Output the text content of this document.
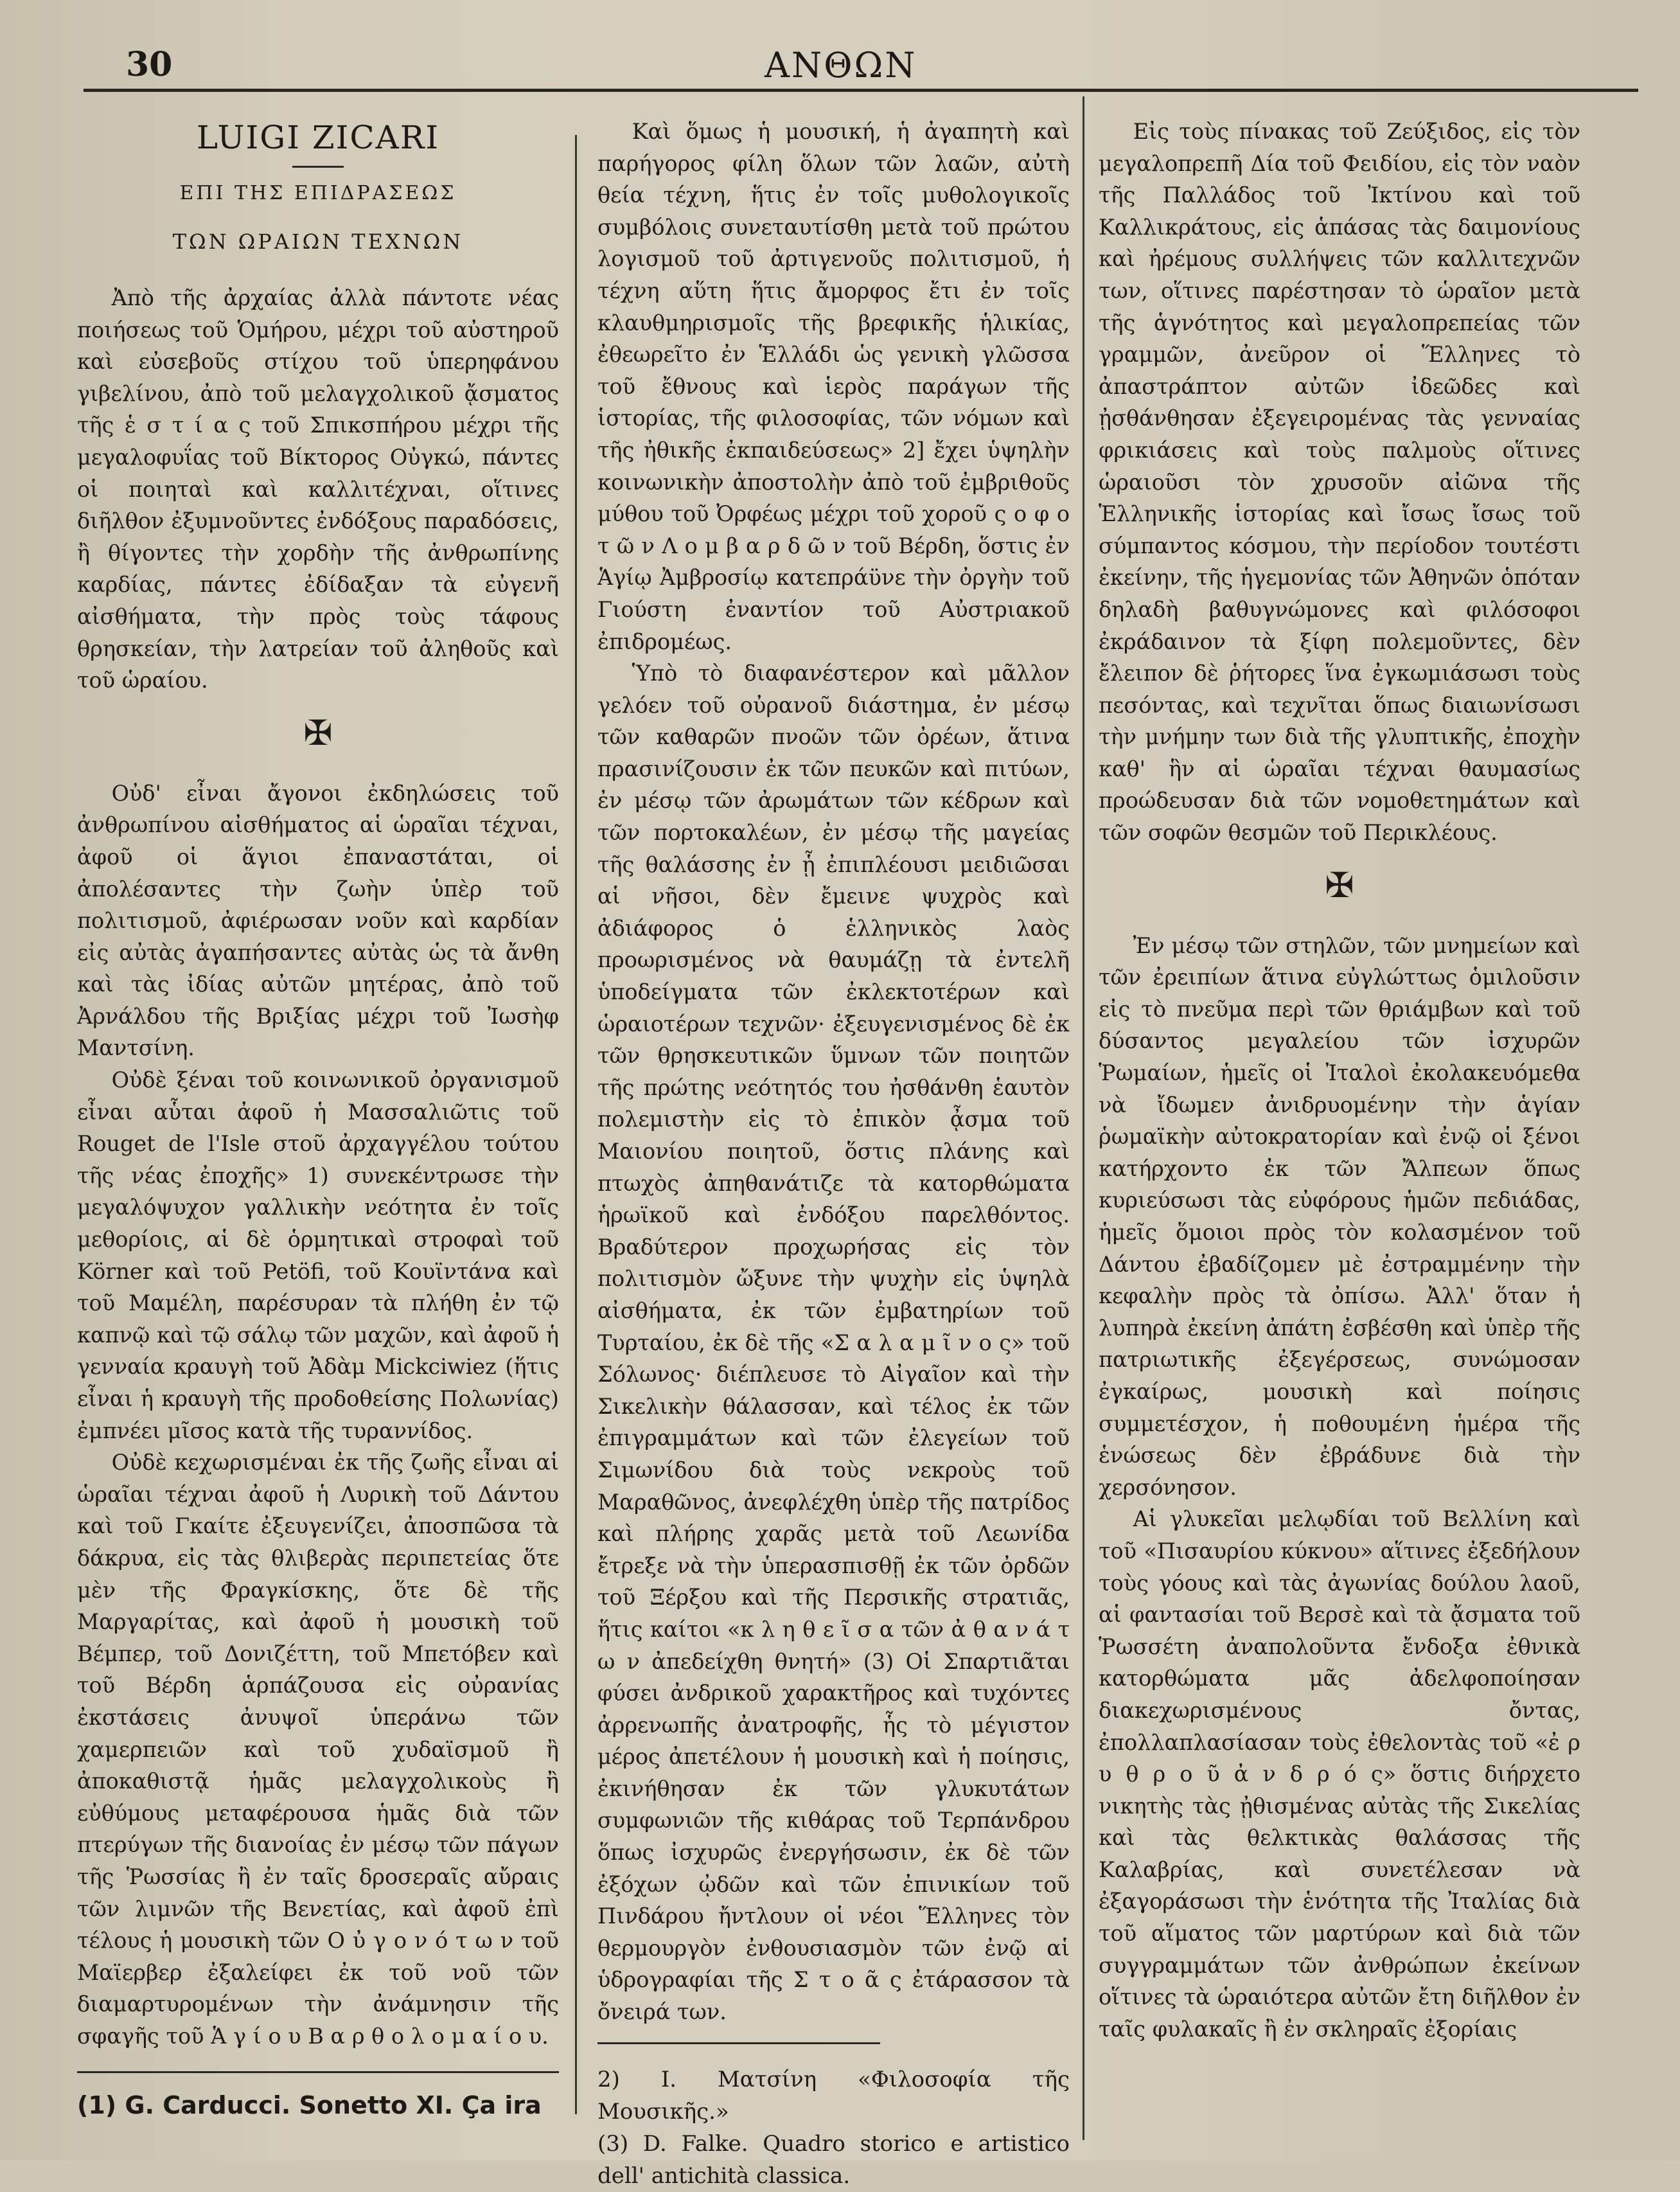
30	ΑΝΘΩΝ
LUIGI ZICARI
ΕΠΙ ΤΗΣ ΕΠΙΔΡΑΣΕΩΣ
ΤΩΝ ΩΡΑΙΩΝ ΤΕΧΝΩΝ

Ἀπὸ τῆς ἀρχαίας ἀλλὰ πάντοτε νέας ποιήσεως τοῦ Ὁμήρου, μέχρι τοῦ αὐστηροῦ καὶ εὐσεβοῦς στίχου τοῦ ὑπερηφάνου γιβελίνου, ἀπὸ τοῦ μελαγχολικοῦ ᾄσματος τῆς ἑ σ τ ί α ς τοῦ Σπικσπήρου μέχρι τῆς μεγαλοφυΐας τοῦ Βίκτορος Οὐγκώ, πάντες οἱ ποιηταὶ καὶ καλλιτέχναι, οἵτινες διῆλθον ἐξυμνοῦντες ἐνδόξους παραδόσεις, ἢ θίγοντες τὴν χορδὴν τῆς ἀνθρωπίνης καρδίας, πάντες ἐδίδαξαν τὰ εὐγενῆ αἰσθήματα, τὴν πρὸς τοὺς τάφους θρησκείαν, τὴν λατρείαν τοῦ ἀληθοῦς καὶ τοῦ ὡραίου.

✠

Οὐδ' εἶναι ἄγονοι ἐκδηλώσεις τοῦ ἀνθρωπίνου αἰσθήματος αἱ ὡραῖαι τέχναι, ἀφοῦ οἱ ἅγιοι ἐπαναστάται, οἱ ἀπολέσαντες τὴν ζωὴν ὑπὲρ τοῦ πολιτισμοῦ, ἀφιέρωσαν νοῦν καὶ καρδίαν εἰς αὐτὰς ἀγαπήσαντες αὐτὰς ὡς τὰ ἄνθη καὶ τὰς ἰδίας αὐτῶν μητέρας, ἀπὸ τοῦ Ἀρνάλδου τῆς Βριξίας μέχρι τοῦ Ἰωσὴφ Μαντσίνη.

Οὐδὲ ξέναι τοῦ κοινωνικοῦ ὀργανισμοῦ εἶναι αὗται ἀφοῦ ἡ Μασσαλιῶτις τοῦ Rouget de l'Isle στοῦ ἀρχαγγέλου τούτου τῆς νέας ἐποχῆς» 1) συνεκέντρωσε τὴν μεγαλόψυχον γαλλικὴν νεότητα ἐν τοῖς μεθορίοις, αἱ δὲ ὁρμητικαὶ στροφαὶ τοῦ Körner καὶ τοῦ Petöfi, τοῦ Κουϊντάνα καὶ τοῦ Μαμέλη, παρέσυραν τὰ πλήθη ἐν τῷ καπνῷ καὶ τῷ σάλῳ τῶν μαχῶν, καὶ ἀφοῦ ἡ γενναία κραυγὴ τοῦ Ἀδὰμ Mickciwiez (ἥτις εἶναι ἡ κραυγὴ τῆς προδοθείσης Πολωνίας) ἐμπνέει μῖσος κατὰ τῆς τυραννίδος.

Οὐδὲ κεχωρισμέναι ἐκ τῆς ζωῆς εἶναι αἱ ὡραῖαι τέχναι ἀφοῦ ἡ Λυρικὴ τοῦ Δάντου καὶ τοῦ Γκαίτε ἐξευγενίζει, ἀποσπῶσα τὰ δάκρυα, εἰς τὰς θλιβερὰς περιπετείας ὅτε μὲν τῆς Φραγκίσκης, ὅτε δὲ τῆς Μαργαρίτας, καὶ ἀφοῦ ἡ μουσικὴ τοῦ Βέμπερ, τοῦ Δονιζέττη, τοῦ Μπετόβεν καὶ τοῦ Βέρδη ἁρπάζουσα εἰς οὐρανίας ἐκστάσεις ἀνυψοῖ ὑπεράνω τῶν χαμερπειῶν καὶ τοῦ χυδαϊσμοῦ ἢ ἀποκαθιστᾷ ἡμᾶς μελαγχολικοὺς ἢ εὐθύμους μεταφέρουσα ἡμᾶς διὰ τῶν πτερύγων τῆς διανοίας ἐν μέσῳ τῶν πάγων τῆς Ῥωσσίας ἢ ἐν ταῖς δροσεραῖς αὔραις τῶν λιμνῶν τῆς Βενετίας, καὶ ἀφοῦ ἐπὶ τέλους ἡ μουσικὴ τῶν Ο ὐ γ ο ν ό τ ω ν τοῦ Μαϊερβερ ἐξαλείφει ἐκ τοῦ νοῦ τῶν διαμαρτυρομένων τὴν ἀνάμνησιν τῆς σφαγῆς τοῦ Ἁ γ ί ο υ Β α ρ θ ο λ ο μ α ί ο υ.

(1) G. Carducci. Sonetto XI. Ça ira

Καὶ ὅμως ἡ μουσική, ἡ ἀγαπητὴ καὶ παρήγορος φίλη ὅλων τῶν λαῶν, αὐτὴ θεία τέχνη, ἥτις ἐν τοῖς μυθολογικοῖς συμβόλοις συνεταυτίσθη μετὰ τοῦ πρώτου λογισμοῦ τοῦ ἀρτιγενοῦς πολιτισμοῦ, ἡ τέχνη αὕτη ἥτις ἄμορφος ἔτι ἐν τοῖς κλαυθμηρισμοῖς τῆς βρεφικῆς ἡλικίας, ἐθεωρεῖτο ἐν Ἑλλάδι ὡς γενικὴ γλῶσσα τοῦ ἔθνους καὶ ἱερὸς παράγων τῆς ἱστορίας, τῆς φιλοσοφίας, τῶν νόμων καὶ τῆς ἠθικῆς ἐκπαιδεύσεως» 2] ἔχει ὑψηλὴν κοινωνικὴν ἀποστολὴν ἀπὸ τοῦ ἐμβριθοῦς μύθου τοῦ Ὀρφέως μέχρι τοῦ χοροῦ ς ο φ ο τ ῶ ν Λ ο μ β α ρ δ ῶ ν τοῦ Βέρδη, ὅστις ἐν Ἁγίῳ Ἀμβροσίῳ κατεπράϋνε τὴν ὀργὴν τοῦ Γιούστη ἐναντίον τοῦ Αὐστριακοῦ ἐπιδρομέως.

Ὑπὸ τὸ διαφανέστερον καὶ μᾶλλον γελόεν τοῦ οὐρανοῦ διάστημα, ἐν μέσῳ τῶν καθαρῶν πνοῶν τῶν ὀρέων, ἅτινα πρασινίζουσιν ἐκ τῶν πευκῶν καὶ πιτύων, ἐν μέσῳ τῶν ἀρωμάτων τῶν κέδρων καὶ τῶν πορτοκαλέων, ἐν μέσῳ τῆς μαγείας τῆς θαλάσσης ἐν ᾗ ἐπιπλέουσι μειδιῶσαι αἱ νῆσοι, δὲν ἔμεινε ψυχρὸς καὶ ἀδιάφορος ὁ ἑλληνικὸς λαὸς προωρισμένος νὰ θαυμάζῃ τὰ ἐντελῆ ὑποδείγματα τῶν ἐκλεκτοτέρων καὶ ὡραιοτέρων τεχνῶν· ἐξευγενισμένος δὲ ἐκ τῶν θρησκευτικῶν ὕμνων τῶν ποιητῶν τῆς πρώτης νεότητός του ἠσθάνθη ἑαυτὸν πολεμιστὴν εἰς τὸ ἐπικὸν ᾆσμα τοῦ Μαιονίου ποιητοῦ, ὅστις πλάνης καὶ πτωχὸς ἀπηθανάτιζε τὰ κατορθώματα ἡρωϊκοῦ καὶ ἐνδόξου παρελθόντος. Βραδύτερον προχωρήσας εἰς τὸν πολιτισμὸν ὤξυνε τὴν ψυχὴν εἰς ὑψηλὰ αἰσθήματα, ἐκ τῶν ἐμβατηρίων τοῦ Τυρταίου, ἐκ δὲ τῆς «Σ α λ α μ ῖ ν ο ς» τοῦ Σόλωνος· διέπλευσε τὸ Αἰγαῖον καὶ τὴν Σικελικὴν θάλασσαν, καὶ τέλος ἐκ τῶν ἐπιγραμμάτων καὶ τῶν ἐλεγείων τοῦ Σιμωνίδου διὰ τοὺς νεκροὺς τοῦ Μαραθῶνος, ἀνεφλέχθη ὑπὲρ τῆς πατρίδος καὶ πλήρης χαρᾶς μετὰ τοῦ Λεωνίδα ἔτρεξε νὰ τὴν ὑπερασπισθῇ ἐκ τῶν ὀρδῶν τοῦ Ξέρξου καὶ τῆς Περσικῆς στρατιᾶς, ἥτις καίτοι «κ λ η θ ε ῖ σ α τῶν ἀ θ α ν ά τ ω ν ἀπεδείχθη θνητή» (3) Οἱ Σπαρτιᾶται φύσει ἀνδρικοῦ χαρακτῆρος καὶ τυχόντες ἀρρενωπῆς ἀνατροφῆς, ἧς τὸ μέγιστον μέρος ἀπετέλουν ἡ μουσικὴ καὶ ἡ ποίησις, ἐκινήθησαν ἐκ τῶν γλυκυτάτων συμφωνιῶν τῆς κιθάρας τοῦ Τερπάνδρου ὅπως ἰσχυρῶς ἐνεργήσωσιν, ἐκ δὲ τῶν ἐξόχων ᾠδῶν καὶ τῶν ἐπινικίων τοῦ Πινδάρου ἤντλουν οἱ νέοι Ἕλληνες τὸν θερμουργὸν ἐνθουσιασμὸν τῶν ἐνῷ αἱ ὑδρογραφίαι τῆς Σ τ ο ᾶ ς ἐτάρασσον τὰ ὄνειρά των.

2) I. Ματσίνη «Φιλοσοφία τῆς Μουσικῆς.»

(3) D. Falke. Quadro storico e artistico dell' antichità classica.

Εἰς τοὺς πίνακας τοῦ Ζεύξιδος, εἰς τὸν μεγαλοπρεπῆ Δία τοῦ Φειδίου, εἰς τὸν ναὸν τῆς Παλλάδος τοῦ Ἰκτίνου καὶ τοῦ Καλλικράτους, εἰς ἁπάσας τὰς δαιμονίους καὶ ἠρέμους συλλήψεις τῶν καλλιτεχνῶν των, οἵτινες παρέστησαν τὸ ὡραῖον μετὰ τῆς ἁγνότητος καὶ μεγαλοπρεπείας τῶν γραμμῶν, ἀνεῦρον οἱ Ἕλληνες τὸ ἀπαστράπτον αὐτῶν ἰδεῶδες καὶ ᾐσθάνθησαν ἐξεγειρομένας τὰς γενναίας φρικιάσεις καὶ τοὺς παλμοὺς οἵτινες ὡραιοῦσι τὸν χρυσοῦν αἰῶνα τῆς Ἑλληνικῆς ἱστορίας καὶ ἴσως ἴσως τοῦ σύμπαντος κόσμου, τὴν περίοδον τουτέστι ἐκείνην, τῆς ἡγεμονίας τῶν Ἀθηνῶν ὁπόταν δηλαδὴ βαθυγνώμονες καὶ φιλόσοφοι ἐκράδαινον τὰ ξίφη πολεμοῦντες, δὲν ἔλειπον δὲ ῥήτορες ἵνα ἐγκωμιάσωσι τοὺς πεσόντας, καὶ τεχνῖται ὅπως διαιωνίσωσι τὴν μνήμην των διὰ τῆς γλυπτικῆς, ἐποχὴν καθ' ἣν αἱ ὡραῖαι τέχναι θαυμασίως προώδευσαν διὰ τῶν νομοθετημάτων καὶ τῶν σοφῶν θεσμῶν τοῦ Περικλέους.

✠

Ἐν μέσῳ τῶν στηλῶν, τῶν μνημείων καὶ τῶν ἐρειπίων ἅτινα εὐγλώττως ὁμιλοῦσιν εἰς τὸ πνεῦμα περὶ τῶν θριάμβων καὶ τοῦ δύσαντος μεγαλείου τῶν ἰσχυρῶν Ῥωμαίων, ἡμεῖς οἱ Ἰταλοὶ ἐκολακευόμεθα νὰ ἴδωμεν ἀνιδρυομένην τὴν ἁγίαν ῥωμαϊκὴν αὐτοκρατορίαν καὶ ἐνῷ οἱ ξένοι κατήρχοντο ἐκ τῶν Ἄλπεων ὅπως κυριεύσωσι τὰς εὐφόρους ἡμῶν πεδιάδας, ἡμεῖς ὅμοιοι πρὸς τὸν κολασμένον τοῦ Δάντου ἐβαδίζομεν μὲ ἐστραμμένην τὴν κεφαλὴν πρὸς τὰ ὀπίσω. Ἀλλ' ὅταν ἡ λυπηρὰ ἐκείνη ἀπάτη ἐσβέσθη καὶ ὑπὲρ τῆς πατριωτικῆς ἐξεγέρσεως, συνώμοσαν ἐγκαίρως, μουσικὴ καὶ ποίησις συμμετέσχον, ἡ ποθουμένη ἡμέρα τῆς ἑνώσεως δὲν ἐβράδυνε διὰ τὴν χερσόνησον.

Αἱ γλυκεῖαι μελῳδίαι τοῦ Βελλίνη καὶ τοῦ «Πισαυρίου κύκνου» αἵτινες ἐξεδήλουν τοὺς γόους καὶ τὰς ἀγωνίας δούλου λαοῦ, αἱ φαντασίαι τοῦ Βερσὲ καὶ τὰ ᾄσματα τοῦ Ῥωσσέτη ἀναπολοῦντα ἔνδοξα ἐθνικὰ κατορθώματα μᾶς ἀδελφοποίησαν διακεχωρισμένους ὄντας, ἐπολλαπλασίασαν τοὺς ἐθελοντὰς τοῦ «ἐ ρ υ θ ρ ο ῦ ἀ ν δ ρ ό ς» ὅστις διήρχετο νικητὴς τὰς ᾐθισμένας αὐτὰς τῆς Σικελίας καὶ τὰς θελκτικὰς θαλάσσας τῆς Καλαβρίας, καὶ συνετέλεσαν νὰ ἐξαγοράσωσι τὴν ἑνότητα τῆς Ἰταλίας διὰ τοῦ αἵματος τῶν μαρτύρων καὶ διὰ τῶν συγγραμμάτων τῶν ἀνθρώπων ἐκείνων οἵτινες τὰ ὡραιότερα αὐτῶν ἔτη διῆλθον ἐν ταῖς φυλακαῖς ἢ ἐν σκληραῖς ἐξορίαις
